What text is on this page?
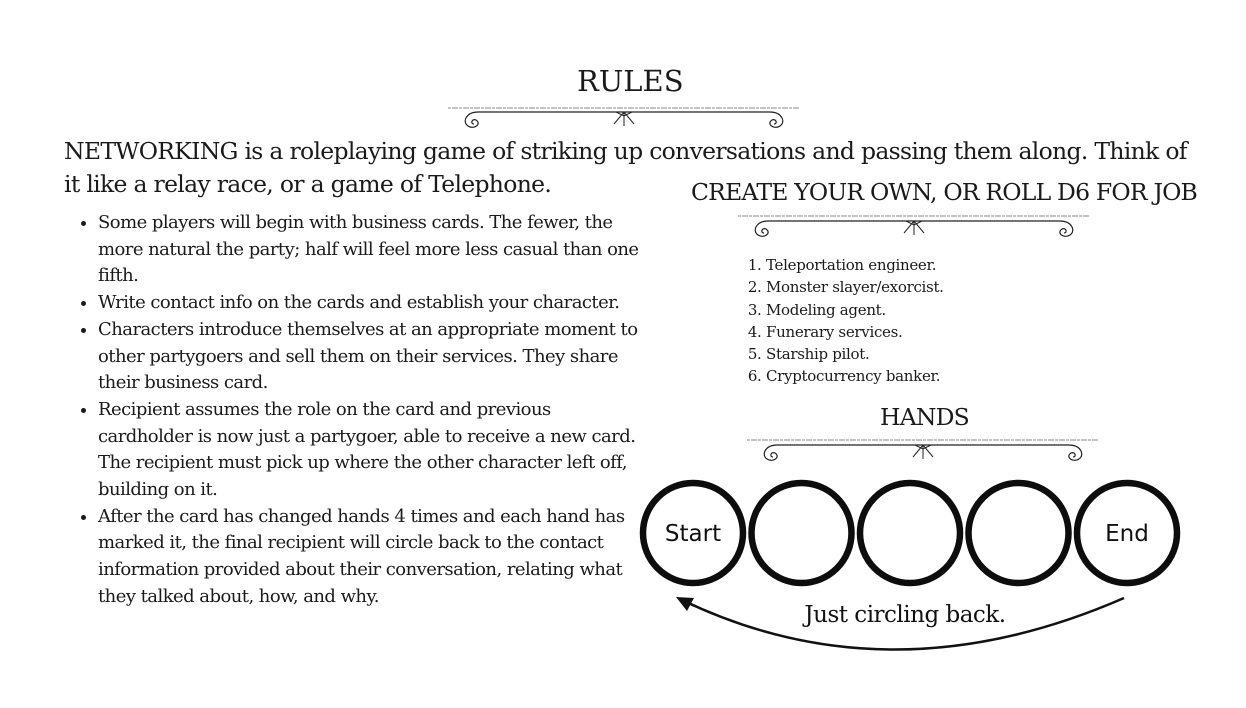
RULES
NETWORKING is a roleplaying game of striking up conversations and passing them along. Think of it like a relay race, or a game of Telephone.
• Some players will begin with business cards. The fewer, the more natural the party; half will feel more less casual than one fifth.
• Write contact info on the cards and establish your character.
• Characters introduce themselves at an appropriate moment to other partygoers and sell them on their services. They share their business card.
• Recipient assumes the role on the card and previous cardholder is now just a partygoer, able to receive a new card. The recipient must pick up where the other character left off, building on it.
• After the card has changed hands 4 times and each hand has marked it, the final recipient will circle back to the contact information provided about their conversation, relating what they talked about, how, and why.
CREATE YOUR OWN, OR ROLL D6 FOR JOB
1. Teleportation engineer.
2. Monster slayer/exorcist.
3. Modeling agent.
4. Funerary services.
5. Starship pilot.
6. Cryptocurrency banker.
HANDS
Start	End
Just circling back.
